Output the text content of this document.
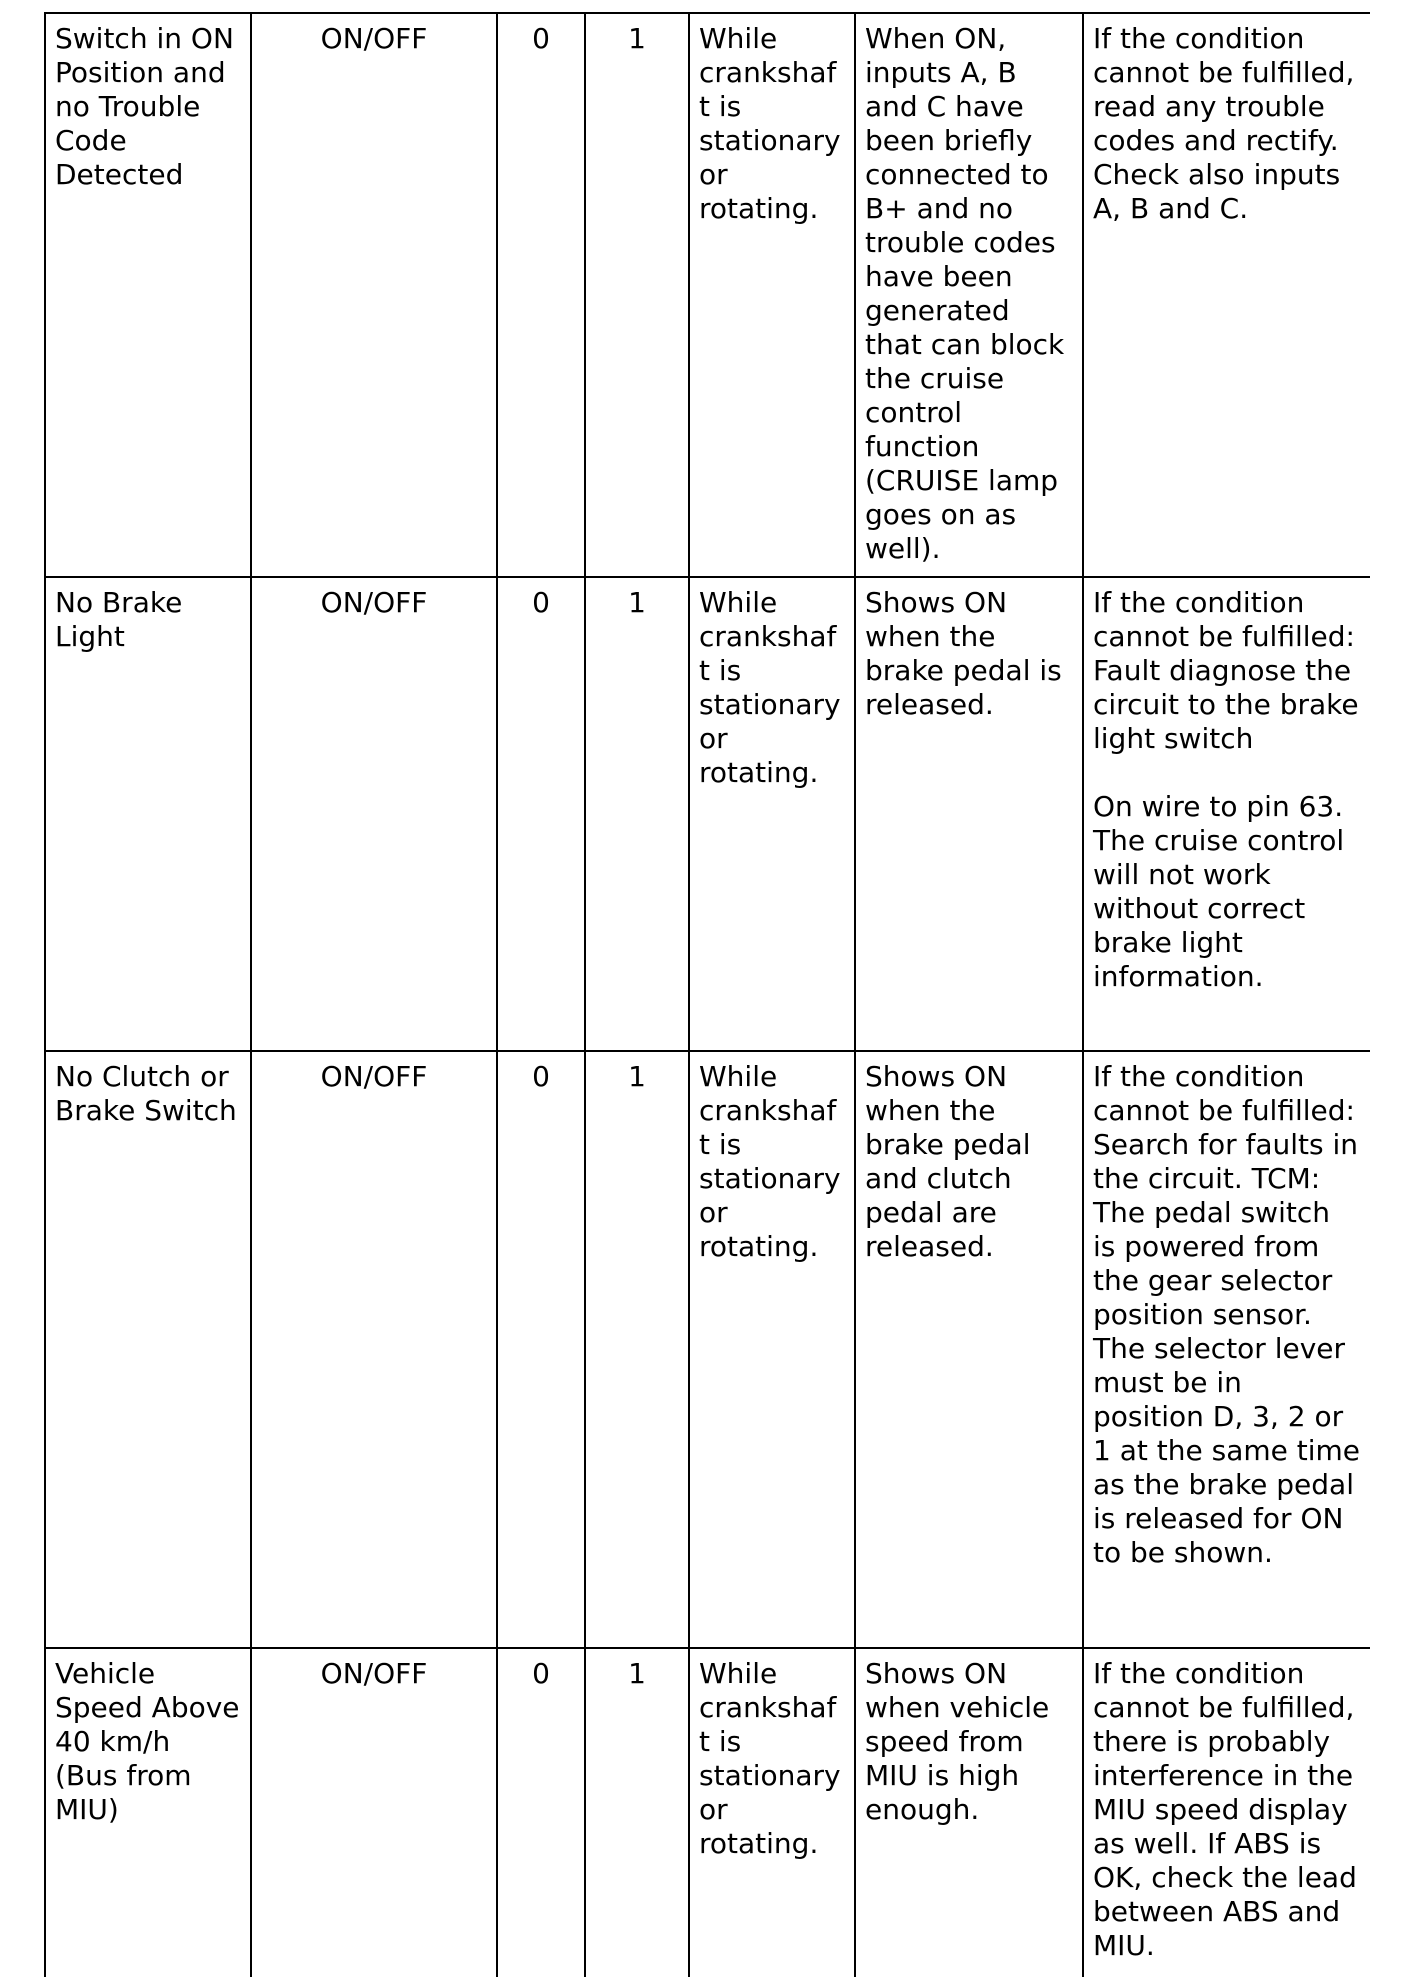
Switch in ON Position and no Trouble Code Detected	ON/OFF	0	1	While crankshaft is stationary or rotating.	When ON, inputs A, B and C have been briefly connected to B+ and no trouble codes have been generated that can block the cruise control function (CRUISE lamp goes on as well).	If the condition cannot be fulfilled, read any trouble codes and rectify. Check also inputs A, B and C.
No Brake Light	ON/OFF	0	1	While crankshaft is stationary or rotating.	Shows ON when the brake pedal is released.	If the condition cannot be fulfilled: Fault diagnose the circuit to the brake light switch

On wire to pin 63. The cruise control will not work without correct brake light information.
No Clutch or Brake Switch	ON/OFF	0	1	While crankshaft is stationary or rotating.	Shows ON when the brake pedal and clutch pedal are released.	If the condition cannot be fulfilled: Search for faults in the circuit. TCM: The pedal switch is powered from the gear selector position sensor. The selector lever must be in position D, 3, 2 or 1 at the same time as the brake pedal is released for ON to be shown.
Vehicle Speed Above 40 km/h (Bus from MIU)	ON/OFF	0	1	While crankshaft is stationary or rotating.	Shows ON when vehicle speed from MIU is high enough.	If the condition cannot be fulfilled, there is probably interference in the MIU speed display as well. If ABS is OK, check the lead between ABS and MIU.
